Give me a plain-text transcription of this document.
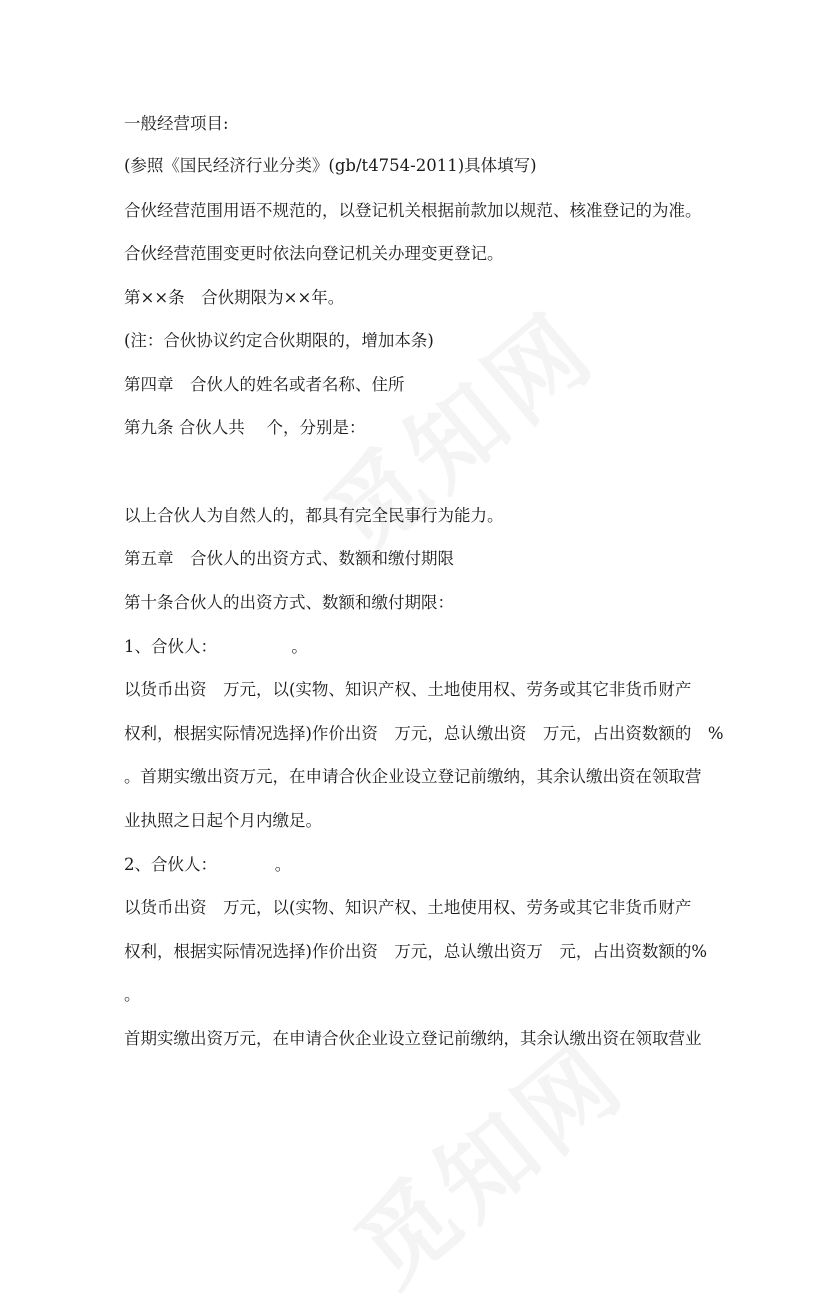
一般经营项目:
(参照《国民经济行业分类》(gb/t4754-2011)具体填写)
合伙经营范围用语不规范的，以登记机关根据前款加以规范、核准登记的为准。
合伙经营范围变更时依法向登记机关办理变更登记。
第××条　合伙期限为××年。
(注：合伙协议约定合伙期限的，增加本条)
第四章　合伙人的姓名或者名称、住所
第九条 合伙人共　 个，分别是：
以上合伙人为自然人的，都具有完全民事行为能力。
第五章　合伙人的出资方式、数额和缴付期限
第十条合伙人的出资方式、数额和缴付期限：
1、合伙人：　　　　　。
以货币出资　万元，以(实物、知识产权、土地使用权、劳务或其它非货币财产
权利，根据实际情况选择)作价出资　万元，总认缴出资　万元，占出资数额的　%
。首期实缴出资万元，在申请合伙企业设立登记前缴纳，其余认缴出资在领取营
业执照之日起个月内缴足。
2、合伙人：　　　　。
以货币出资　万元，以(实物、知识产权、土地使用权、劳务或其它非货币财产
权利，根据实际情况选择)作价出资　万元，总认缴出资万　元，占出资数额的%
。
首期实缴出资万元，在申请合伙企业设立登记前缴纳，其余认缴出资在领取营业
